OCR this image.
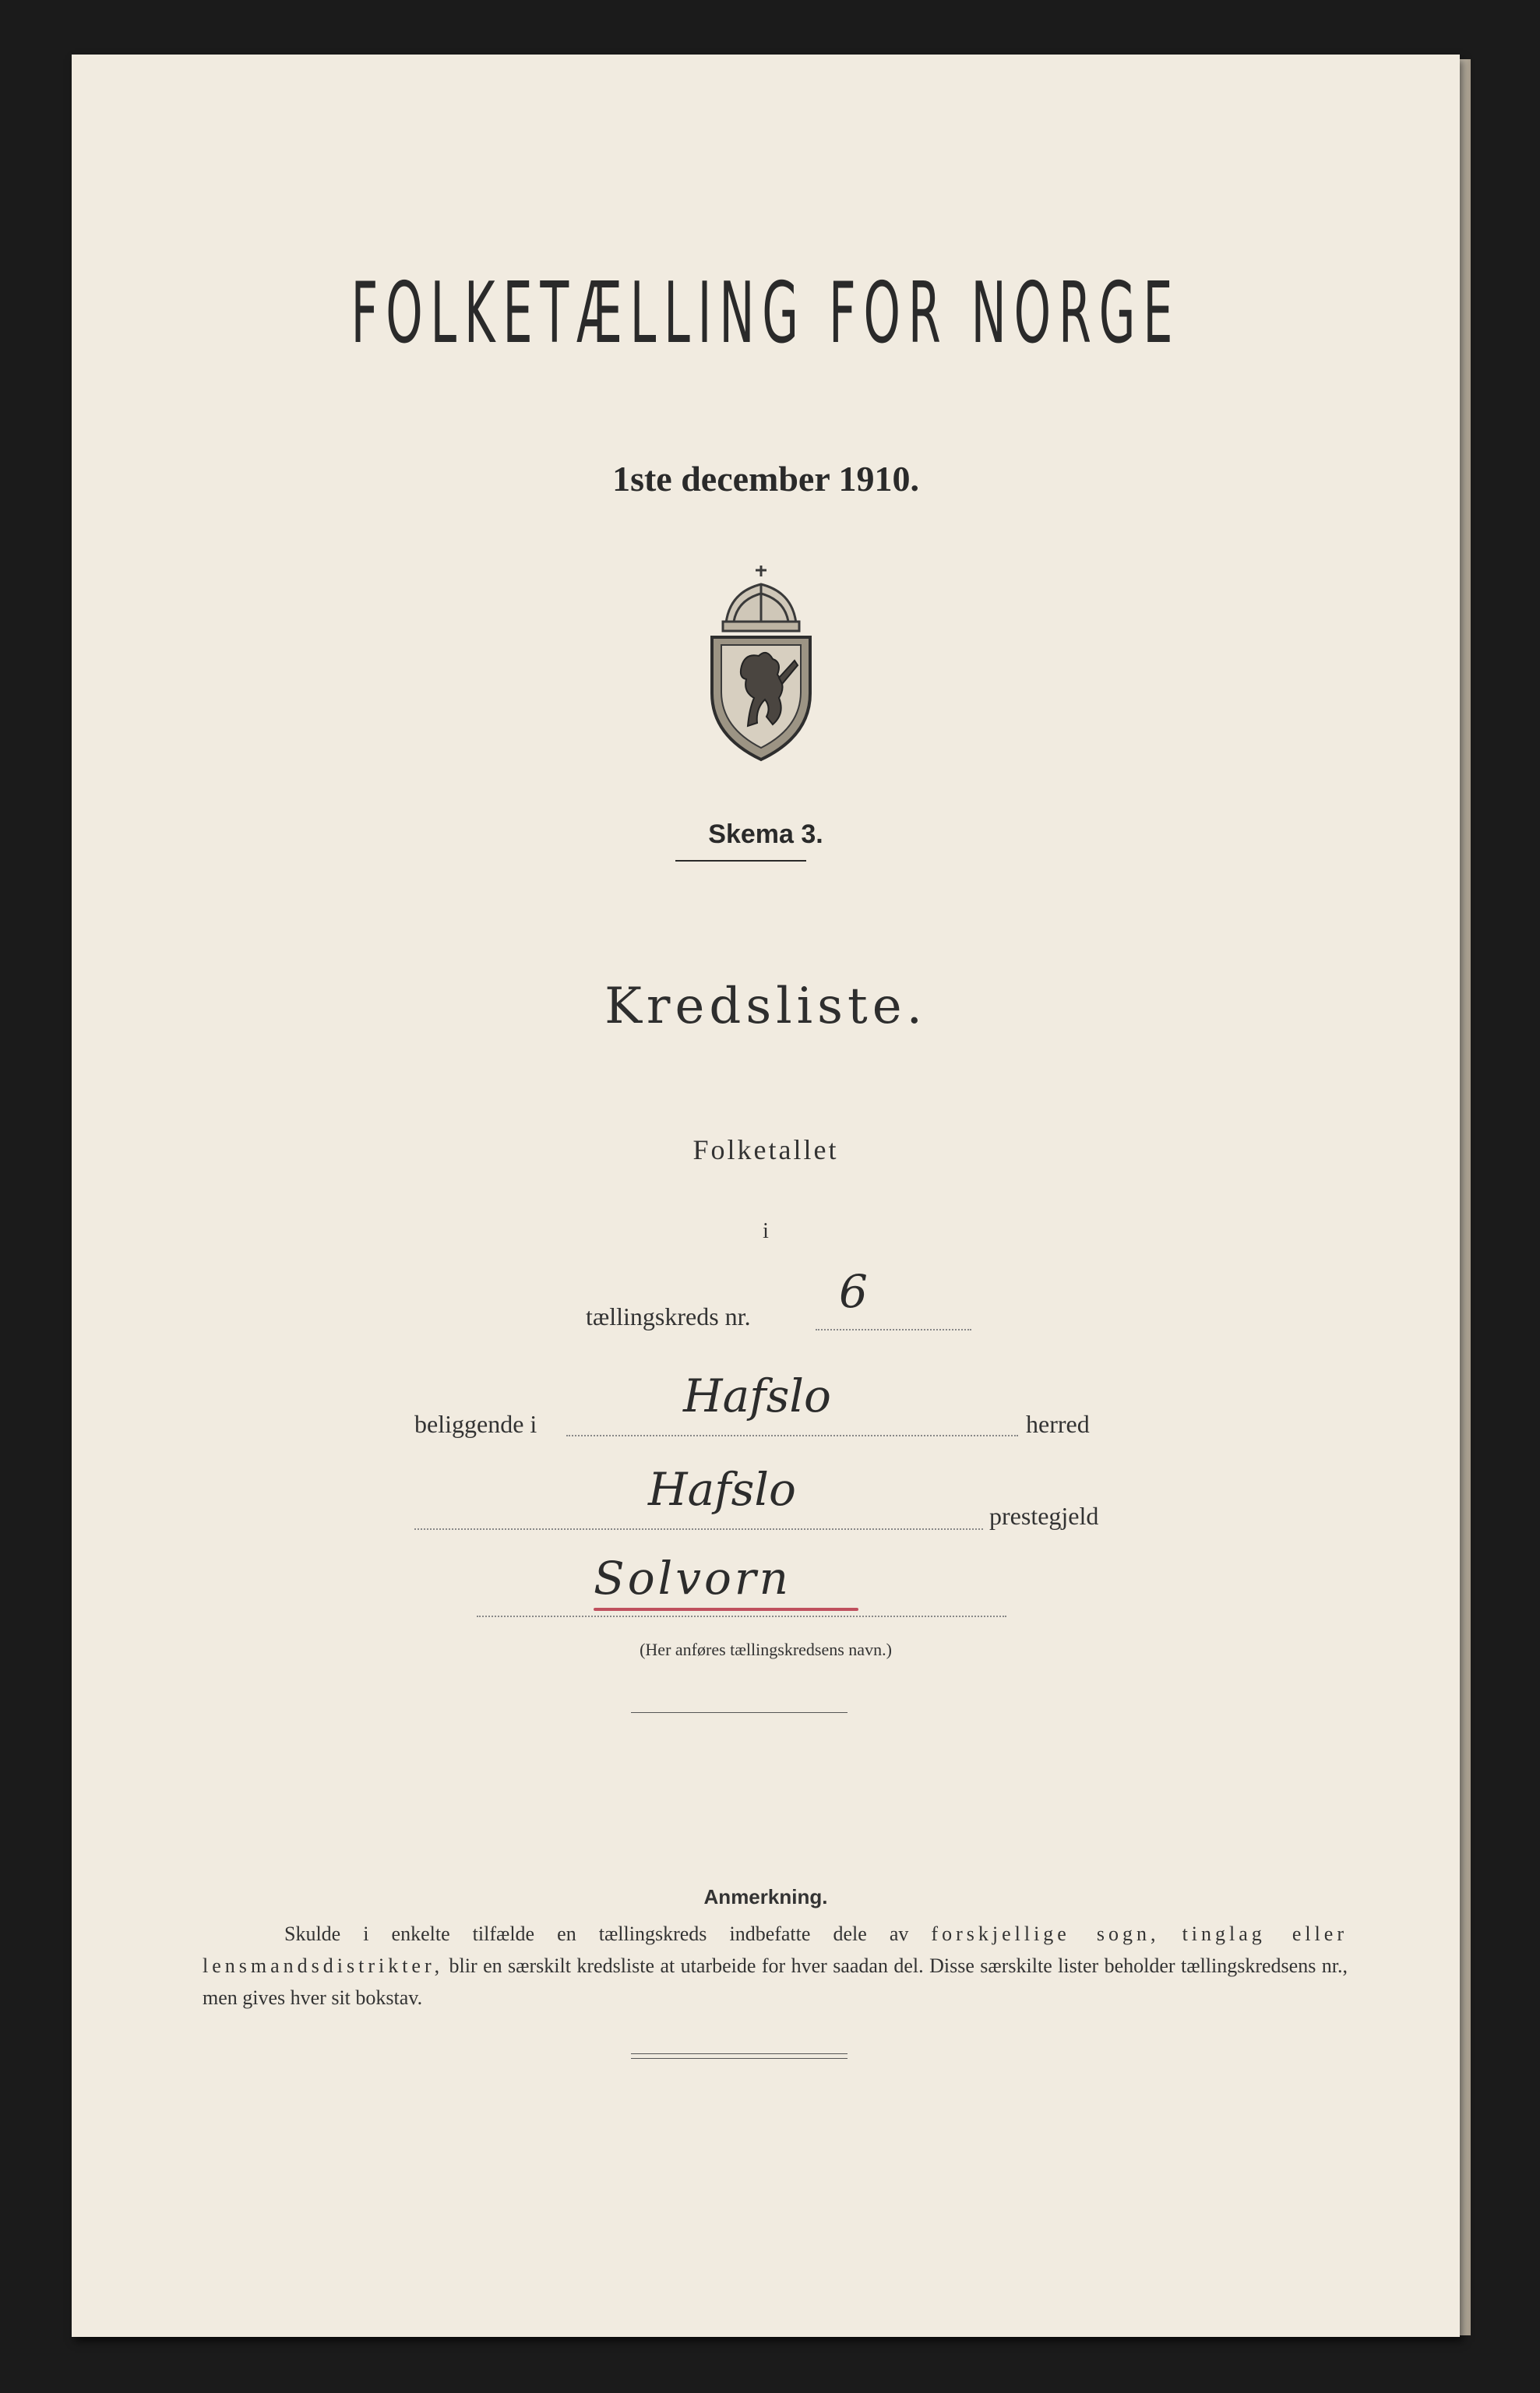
FOLKETÆLLING FOR NORGE
1ste december 1910.
Skema 3.
Kredsliste.
Folketallet
i
tællingskreds nr. 6
beliggende i
Hafslo
herred
Hafslo	prestegjeld
Solvorn
(Her anføres tællingskredsens navn.)
Anmerkning.
Skulde i enkelte tilfælde en tællingskreds indbefatte dele av forskjellige sogn, tinglag eller lensmandsdistrikter, blir en særskilt kredsliste at utarbeide for hver saadan del. Disse særskilte lister beholder tællingskredsens nr., men gives hver sit bokstav.
